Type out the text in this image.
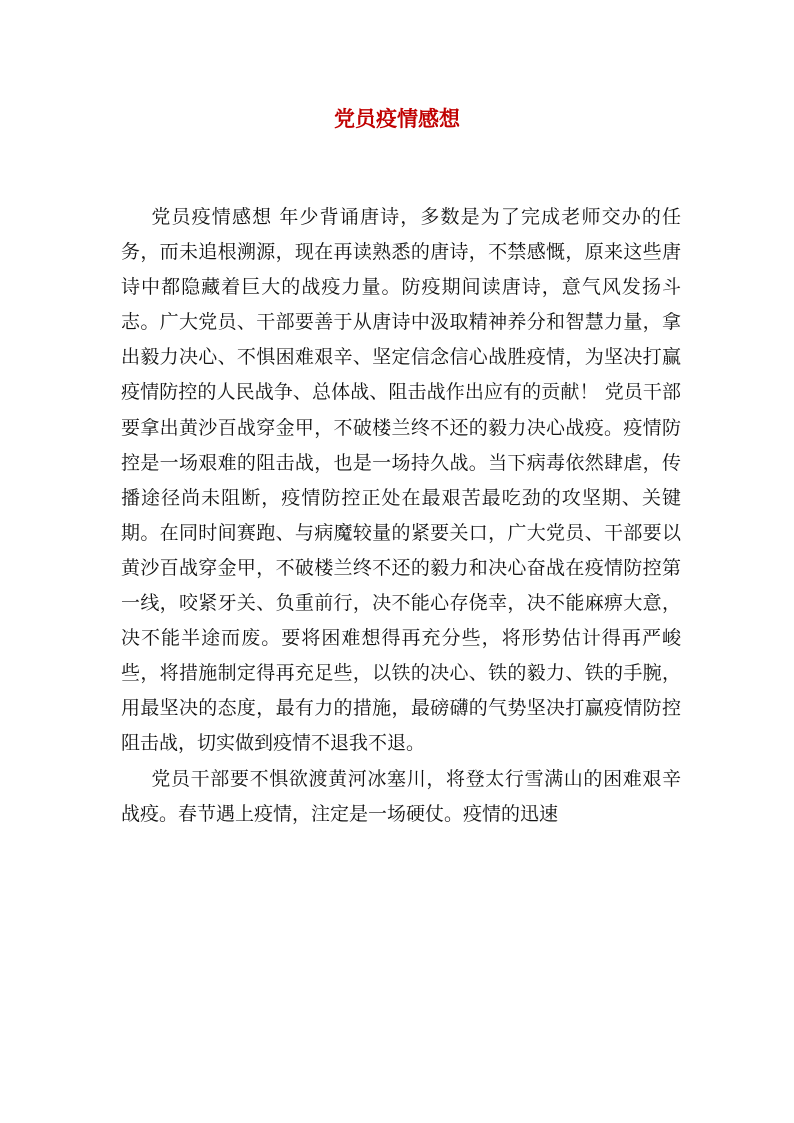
党员疫情感想

党员疫情感想 年少背诵唐诗，多数是为了完成老师交办的任务，而未追根溯源，现在再读熟悉的唐诗，不禁感慨，原来这些唐诗中都隐藏着巨大的战疫力量。防疫期间读唐诗，意气风发扬斗志。广大党员、干部要善于从唐诗中汲取精神养分和智慧力量，拿出毅力决心、不惧困难艰辛、坚定信念信心战胜疫情，为坚决打赢疫情防控的人民战争、总体战、阻击战作出应有的贡献！ 党员干部要拿出黄沙百战穿金甲，不破楼兰终不还的毅力决心战疫。疫情防控是一场艰难的阻击战，也是一场持久战。当下病毒依然肆虐，传播途径尚未阻断，疫情防控正处在最艰苦最吃劲的攻坚期、关键期。在同时间赛跑、与病魔较量的紧要关口，广大党员、干部要以黄沙百战穿金甲，不破楼兰终不还的毅力和决心奋战在疫情防控第一线，咬紧牙关、负重前行，决不能心存侥幸，决不能麻痹大意，决不能半途而废。要将困难想得再充分些，将形势估计得再严峻些，将措施制定得再充足些，以铁的决心、铁的毅力、铁的手腕，用最坚决的态度，最有力的措施，最磅礴的气势坚决打赢疫情防控阻击战，切实做到疫情不退我不退。

党员干部要不惧欲渡黄河冰塞川，将登太行雪满山的困难艰辛战疫。春节遇上疫情，注定是一场硬仗。疫情的迅速
